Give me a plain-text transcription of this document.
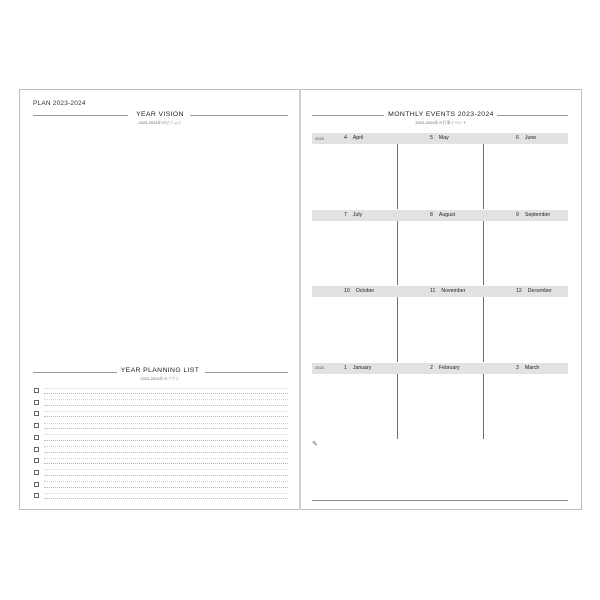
PLAN 2023-2024
YEAR VISION
2023-2024年のビジョン
YEAR PLANNING LIST
2023-2024年のプラン
MONTHLY EVENTS 2023-2024
2023-2024年の行事イベント
2023	4 April	5 May	6 June
7 July	8 August	9 September
10 October	11 November	12 December
2024	1 January	2 February	3 March
✎
